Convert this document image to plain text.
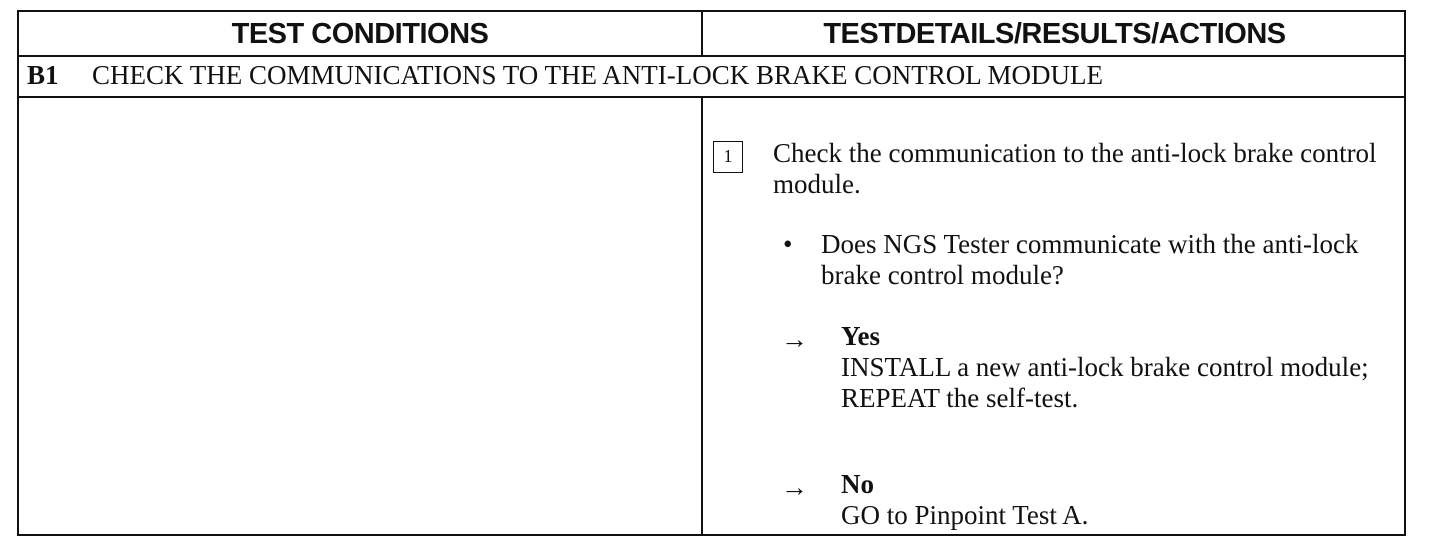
TEST CONDITIONS	TESTDETAILS/RESULTS/ACTIONS
B1 CHECK THE COMMUNICATIONS TO THE ANTI-LOCK BRAKE CONTROL MODULE
1	Check the communication to the anti-lock brake control module.
• Does NGS Tester communicate with the anti-lock brake control module?
→ Yes
INSTALL a new anti-lock brake control module; REPEAT the self-test.
→ No
GO to Pinpoint Test A.
